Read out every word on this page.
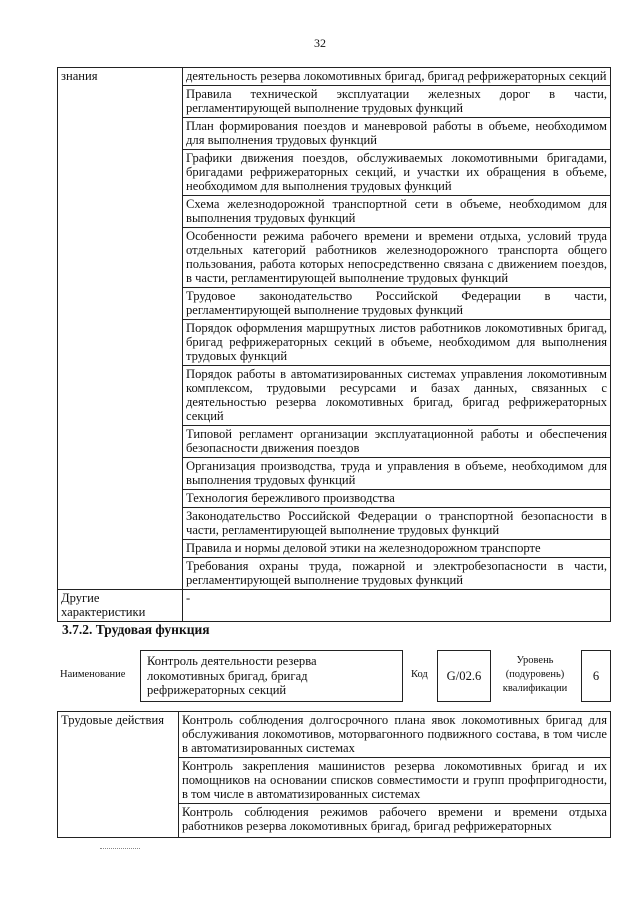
32
знания	деятельность резерва локомотивных бригад, бригад рефрижераторных секций
	Правила технической эксплуатации железных дорог в части, регламентирующей выполнение трудовых функций
	План формирования поездов и маневровой работы в объеме, необходимом для выполнения трудовых функций
	Графики движения поездов, обслуживаемых локомотивными бригадами, бригадами рефрижераторных секций, и участки их обращения в объеме, необходимом для выполнения трудовых функций
	Схема железнодорожной транспортной сети в объеме, необходимом для выполнения трудовых функций
	Особенности режима рабочего времени и времени отдыха, условий труда отдельных категорий работников железнодорожного транспорта общего пользования, работа которых непосредственно связана с движением поездов, в части, регламентирующей выполнение трудовых функций
	Трудовое законодательство Российской Федерации в части, регламентирующей выполнение трудовых функций
	Порядок оформления маршрутных листов работников локомотивных бригад, бригад рефрижераторных секций в объеме, необходимом для выполнения трудовых функций
	Порядок работы в автоматизированных системах управления локомотивным комплексом, трудовыми ресурсами и базах данных, связанных с деятельностью резерва локомотивных бригад, бригад рефрижераторных секций
	Типовой регламент организации эксплуатационной работы и обеспечения безопасности движения поездов
	Организация производства, труда и управления в объеме, необходимом для выполнения трудовых функций
	Технология бережливого производства
	Законодательство Российской Федерации о транспортной безопасности в части, регламентирующей выполнение трудовых функций
	Правила и нормы деловой этики на железнодорожном транспорте
	Требования охраны труда, пожарной и электробезопасности в части, регламентирующей выполнение трудовых функций
Другие характеристики	-
3.7.2. Трудовая функция
Наименование
Контроль деятельности резерва локомотивных бригад, бригад рефрижераторных секций
Код	G/02.6
Уровень (подуровень) квалификации
6
Трудовые действия	Контроль соблюдения долгосрочного плана явок локомотивных бригад для обслуживания локомотивов, моторвагонного подвижного состава, в том числе в автоматизированных системах
Контроль закрепления машинистов резерва локомотивных бригад и их помощников на основании списков совместимости и групп профпригодности, в том числе в автоматизированных системах

Контроль соблюдения режимов рабочего времени и времени отдыха работников резерва локомотивных бригад, бригад рефрижераторных
